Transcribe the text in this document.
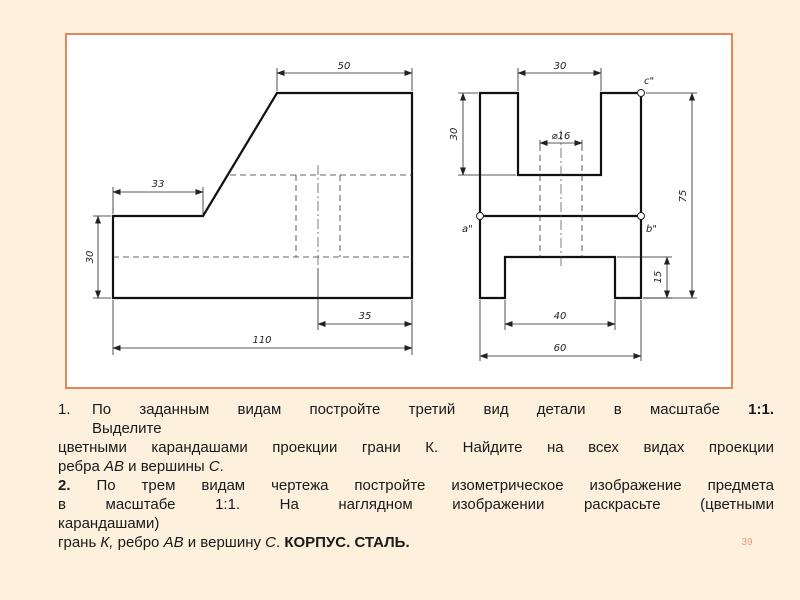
50
33
30
35
110
30
⌀16
30
75
15
40
60
c"
a"	b"
1.	По заданным видам постройте третий вид детали в масштабе 1:1.
Выделите
цветными карандашами проекции грани К. Найдите на всех видах проекции
ребра АВ и вершины С.
2. По трем видам чертежа постройте изометрическое изображение предмета
в масштабе 1:1. На наглядном изображении раскрасьте (цветными
карандашами)
грань К, ребро АВ и вершину С. КОРПУС. СТАЛЬ.	39
